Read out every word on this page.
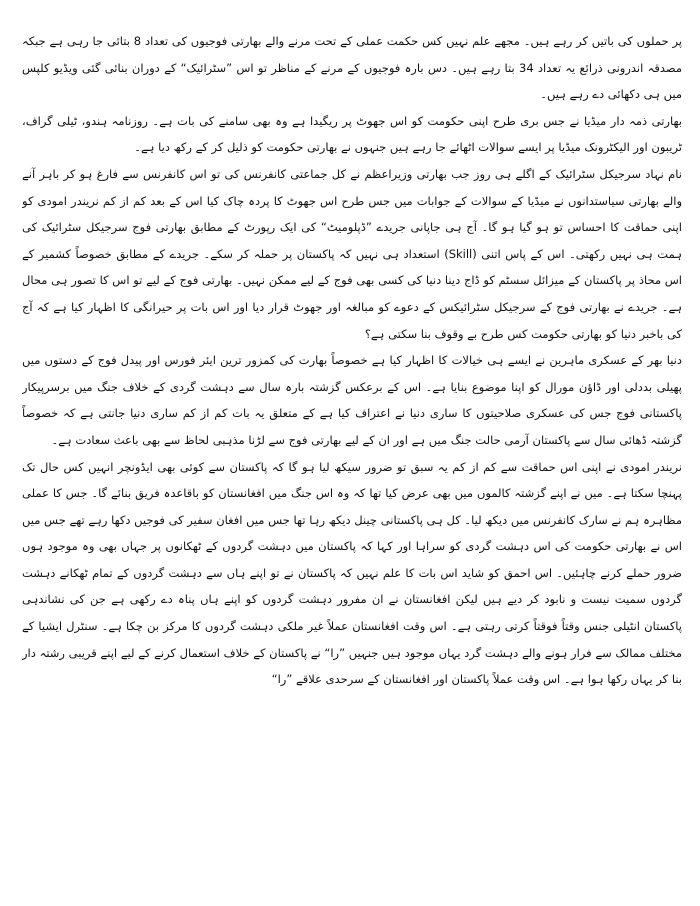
پر حملوں کی باتیں کر رہے ہیں۔ مجھے علم نہیں کس حکمت عملی کے تحت مرنے والے بھارتی فوجیوں کی تعداد 8 بتائی جا رہی ہے جبکہ مصدقہ اندرونی ذرائع یہ تعداد 34 بتا رہے ہیں۔ دس بارہ فوجیوں کے مرنے کے مناظر تو اس ”سٹرائیک“ کے دوران بنائی گئی ویڈیو کلپس میں ہی دکھائی دے رہے ہیں۔

بھارتی ذمہ دار میڈیا نے جس بری طرح اپنی حکومت کو اس جھوٹ پر ریگیدا ہے وہ بھی سامنے کی بات ہے۔ روزنامہ ہندو، ٹیلی گراف، ٹریبون اور الیکٹرونک میڈیا پر ایسے سوالات اٹھائے جا رہے ہیں جنہوں نے بھارتی حکومت کو ذلیل کر کے رکھ دیا ہے۔

نام نہاد سرجیکل سٹرائیک کے اگلے ہی روز جب بھارتی وزیراعظم نے کل جماعتی کانفرنس کی تو اس کانفرنس سے فارغ ہو کر باہر آنے والے بھارتی سیاستدانوں نے میڈیا کے سوالات کے جوابات میں جس طرح اس جھوٹ کا پردہ چاک کیا اس کے بعد کم از کم نریندر امودی کو اپنی حماقت کا احساس تو ہو گیا ہو گا۔ آج ہی جاپانی جریدے ”ڈپلومیٹ“ کی ایک رپورٹ کے مطابق بھارتی فوج سرجیکل سٹرائیک کی ہمت ہی نہیں رکھتی۔ اس کے پاس اتنی (Skill) استعداد ہی نہیں کہ پاکستان پر حملہ کر سکے۔ جریدے کے مطابق خصوصاً کشمیر کے اس محاذ پر پاکستان کے میزائل سسٹم کو ڈاج دینا دنیا کی کسی بھی فوج کے لیے ممکن نہیں۔ بھارتی فوج کے لیے تو اس کا تصور ہی محال ہے۔ جریدے نے بھارتی فوج کے سرجیکل سٹرائیکس کے دعوے کو مبالغہ اور جھوٹ قرار دیا اور اس بات پر حیرانگی کا اظہار کیا ہے کہ آج کی باخبر دنیا کو بھارتی حکومت کس طرح بے وقوف بنا سکتی ہے؟

دنیا بھر کے عسکری ماہرین نے ایسے ہی خیالات کا اظہار کیا ہے خصوصاً بھارت کی کمزور ترین ایئر فورس اور پیدل فوج کے دستوں میں پھیلی بددلی اور ڈاؤن مورال کو اپنا موضوع بنایا ہے۔ اس کے برعکس گزشتہ بارہ سال سے دہشت گردی کے خلاف جنگ میں برسرپیکار پاکستانی فوج جس کی عسکری صلاحیتوں کا ساری دنیا نے اعتراف کیا ہے کے متعلق یہ بات کم از کم ساری دنیا جانتی ہے کہ خصوصاً گزشتہ ڈھائی سال سے پاکستان آرمی حالت جنگ میں ہے اور ان کے لیے بھارتی فوج سے لڑنا مذہبی لحاظ سے بھی باعث سعادت ہے۔

نریندر امودی نے اپنی اس حماقت سے کم از کم یہ سبق تو ضرور سیکھ لیا ہو گا کہ پاکستان سے کوئی بھی ایڈونچر انہیں کس حال تک پہنچا سکتا ہے۔ میں نے اپنے گزشتہ کالموں میں بھی عرض کیا تھا کہ وہ اس جنگ میں افغانستان کو باقاعدہ فریق بنائے گا۔ جس کا عملی مظاہرہ ہم نے سارک کانفرنس میں دیکھ لیا۔ کل ہی پاکستانی چینل دیکھ رہا تھا جس میں افغان سفیر کی فوجیں دکھا رہے تھے جس میں اس نے بھارتی حکومت کی اس دہشت گردی کو سراہا اور کہا کہ پاکستان میں دہشت گردوں کے ٹھکانوں پر جہاں بھی وہ موجود ہوں ضرور حملے کرنے چاہئیں۔ اس احمق کو شاید اس بات کا علم نہیں کہ پاکستان نے تو اپنے ہاں سے دہشت گردوں کے تمام ٹھکانے دہشت گردوں سمیت نیست و نابود کر دیے ہیں لیکن افغانستان نے ان مفرور دہشت گردوں کو اپنے ہاں پناہ دے رکھی ہے جن کی نشاندہی پاکستان انٹیلی جنس وقتاً فوقتاً کرتی رہتی ہے۔ اس وقت افغانستان عملاً غیر ملکی دہشت گردوں کا مرکز بن چکا ہے۔ سنٹرل ایشیا کے مختلف ممالک سے فرار ہونے والے دہشت گرد یہاں موجود ہیں جنہیں ”را“ نے پاکستان کے خلاف استعمال کرنے کے لیے اپنے قریبی رشتہ دار بنا کر یہاں رکھا ہوا ہے۔ اس وقت عملاً پاکستان اور افغانستان کے سرحدی علاقے ”را“
